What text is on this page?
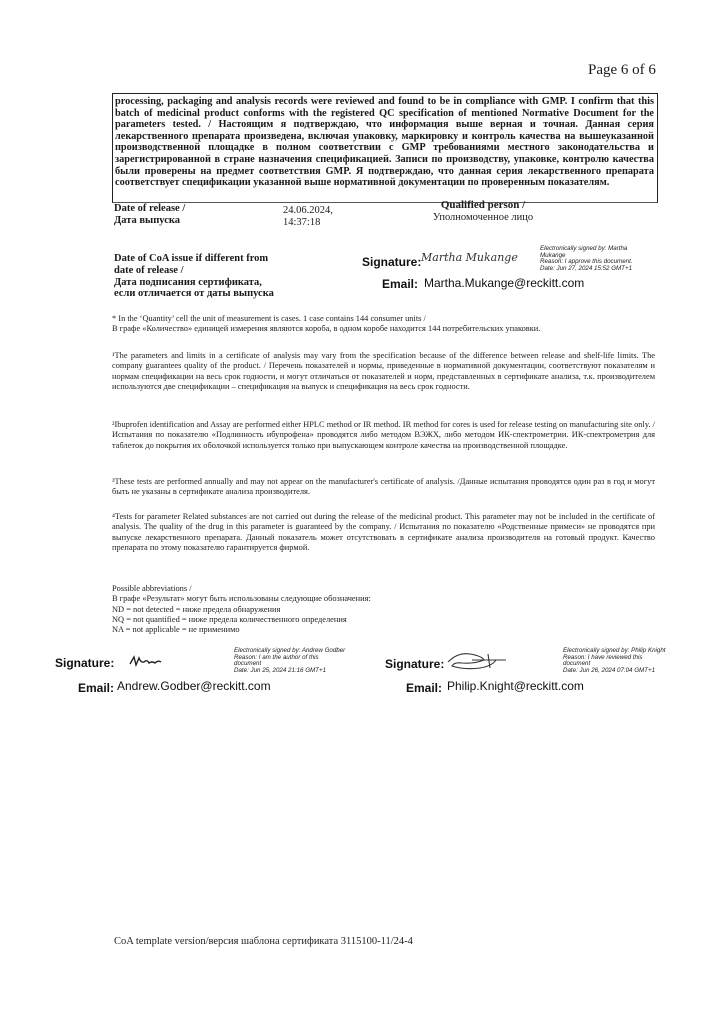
Page 6 of 6
processing, packaging and analysis records were reviewed and found to be in compliance with GMP. I confirm that this batch of medicinal product conforms with the registered QC specification of mentioned Normative Document for the parameters tested. / Настоящим я подтверждаю, что информация выше верная и точная. Данная серия лекарственного препарата произведена, включая упаковку, маркировку и контроль качества на вышеуказанной производственной площадке в полном соответствии с GMP требованиями местного законодательства и зарегистрированной в стране назначения спецификацией. Записи по производству, упаковке, контролю качества были проверены на предмет соответствия GMP. Я подтверждаю, что данная серия лекарственного препарата соответствует спецификации указанной выше нормативной документации по проверенным показателям.
Date of release /
Дата выпуска
24.06.2024,
14:37:18
Qualified person /
Уполномоченное лицо
Date of CoA issue if different from
date of release /
Дата подписания сертификата,
если отличается от даты выпуска
Signature: Martha Mukange
Electronically signed by: Martha
Mukange
Reason: I approve this document.
Date: Jun 27, 2024 15:52 GMT+1
Email: Martha.Mukange@reckitt.com
* In the ‘Quantity’ cell the unit of measurement is cases. 1 case contains 144 consumer units /
В графе «Количество» единицей измерения являются короба, в одном коробе находится 144 потребительских упаковки.
¹The parameters and limits in a certificate of analysis may vary from the specification because of the difference between release and shelf-life limits. The company guarantees quality of the product. / Перечень показателей и нормы, приведенные в нормативной документации, соответствуют показателям и нормам спецификации на весь срок годности, и могут отличаться от показателей и норм, представленных в сертификате анализа, т.к. производителем используются две спецификации – спецификация на выпуск и спецификация на весь срок годности.
²Ibuprofen identification and Assay are performed either HPLC method or IR method. IR method for cores is used for release testing on manufacturing site only. / Испытания по показателю «Подлинность ибупрофена» проводятся либо методом ВЭЖХ, либо методом ИК-спектрометрии. ИК-спектрометрия для таблеток до покрытия их оболочкой используется только при выпускающем контроле качества на производственной площадке.
³These tests are performed annually and may not appear on the manufacturer's certificate of analysis. /Данные испытания проводятся один раз в год и могут быть не указаны в сертификате анализа производителя.
⁴Tests for parameter Related substances are not carried out during the release of the medicinal product. This parameter may not be included in the certificate of analysis. The quality of the drug in this parameter is guaranteed by the company. / Испытания по показателю «Родственные примеси» не проводятся при выпуске лекарственного препарата. Данный показатель может отсутствовать в сертификате анализа производителя на готовый продукт. Качество препарата по этому показателю гарантируется фирмой.
Possible abbreviations /
В графе «Результат» могут быть использованы следующие обозначения:
ND = not detected = ниже предела обнаружения
NQ = not quantified = ниже предела количественного определения
NA = not applicable = не применимо
Signature:
Electronically signed by: Andrew Godber
Reason: I am the author of this
document
Date: Jun 25, 2024 21:16 GMT+1
Email: Andrew.Godber@reckitt.com
Signature:
Electronically signed by: Philip Knight
Reason: I have reviewed this
document
Date: Jun 26, 2024 07:04 GMT+1
Email: Philip.Knight@reckitt.com
CoA template version/версия шаблона сертификата 3115100-11/24-4
